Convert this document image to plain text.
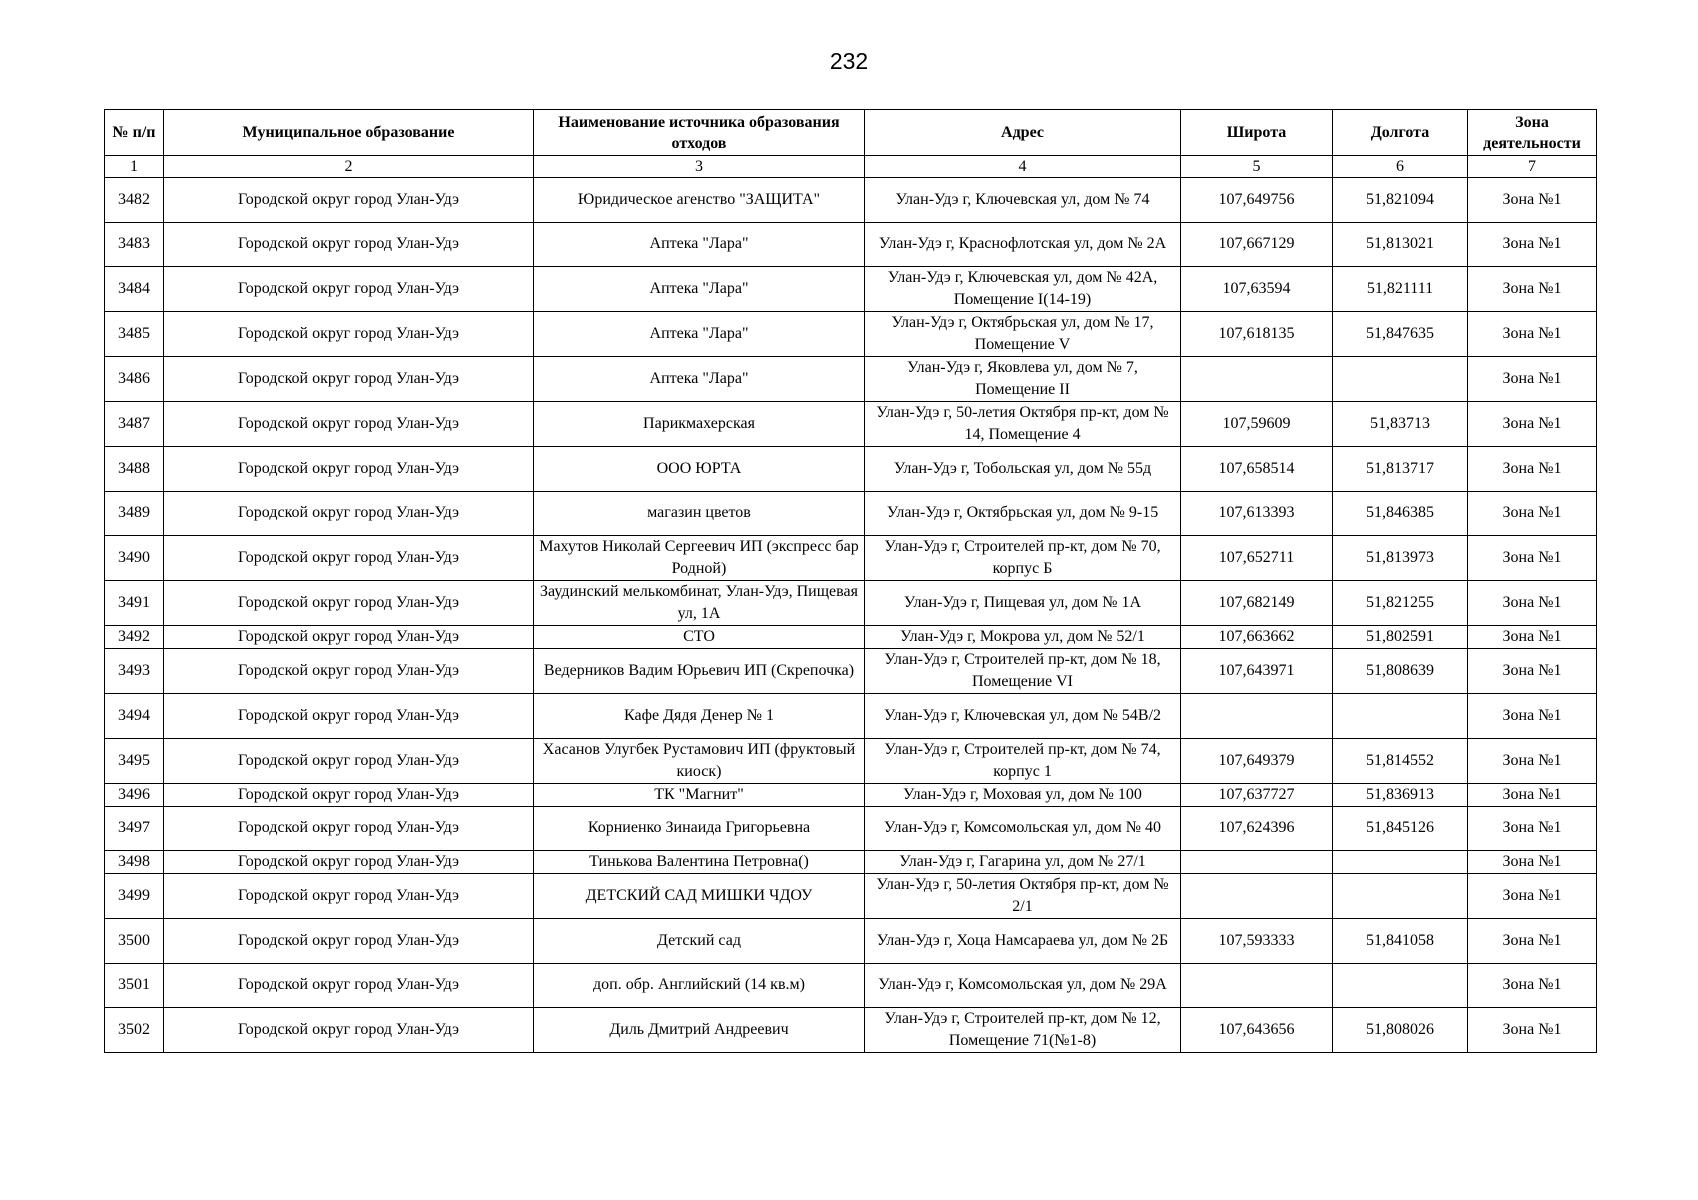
232
№ п/п	Муниципальное образование	Наименование источника образования отходов	Адрес	Широта	Долгота	Зона деятельности
1	2	3	4	5	6	7
3482	Городской округ город Улан-Удэ	Юридическое агенство "ЗАЩИТА"	Улан-Удэ г, Ключевская ул, дом № 74	107,649756	51,821094	Зона №1
3483	Городской округ город Улан-Удэ	Аптека "Лара"	Улан-Удэ г, Краснофлотская ул, дом № 2А	107,667129	51,813021	Зона №1
3484	Городской округ город Улан-Удэ	Аптека "Лара"	Улан-Удэ г, Ключевская ул, дом № 42А, Помещение I(14-19)	107,63594	51,821111	Зона №1
3485	Городской округ город Улан-Удэ	Аптека "Лара"	Улан-Удэ г, Октябрьская ул, дом № 17, Помещение V	107,618135	51,847635	Зона №1
3486	Городской округ город Улан-Удэ	Аптека "Лара"	Улан-Удэ г, Яковлева ул, дом № 7, Помещение II			Зона №1
3487	Городской округ город Улан-Удэ	Парикмахерская	Улан-Удэ г, 50-летия Октября пр-кт, дом № 14, Помещение 4	107,59609	51,83713	Зона №1
3488	Городской округ город Улан-Удэ	ООО ЮРТА	Улан-Удэ г, Тобольская ул, дом № 55д	107,658514	51,813717	Зона №1
3489	Городской округ город Улан-Удэ	магазин цветов	Улан-Удэ г, Октябрьская ул, дом № 9-15	107,613393	51,846385	Зона №1
3490	Городской округ город Улан-Удэ	Махутов Николай Сергеевич ИП (экспресс бар Родной)	Улан-Удэ г, Строителей пр-кт, дом № 70, корпус Б	107,652711	51,813973	Зона №1
3491	Городской округ город Улан-Удэ	Заудинский мелькомбинат, Улан-Удэ, Пищевая ул, 1А	Улан-Удэ г, Пищевая ул, дом № 1А	107,682149	51,821255	Зона №1
3492	Городской округ город Улан-Удэ	СТО	Улан-Удэ г, Мокрова ул, дом № 52/1	107,663662	51,802591	Зона №1
3493	Городской округ город Улан-Удэ	Ведерников Вадим Юрьевич ИП (Скрепочка)	Улан-Удэ г, Строителей пр-кт, дом № 18, Помещение VI	107,643971	51,808639	Зона №1
3494	Городской округ город Улан-Удэ	Кафе Дядя Денер № 1	Улан-Удэ г, Ключевская ул, дом № 54В/2			Зона №1
3495	Городской округ город Улан-Удэ	Хасанов Улугбек Рустамович ИП (фруктовый киоск)	Улан-Удэ г, Строителей пр-кт, дом № 74, корпус 1	107,649379	51,814552	Зона №1
3496	Городской округ город Улан-Удэ	ТК "Магнит"	Улан-Удэ г, Моховая ул, дом № 100	107,637727	51,836913	Зона №1
3497	Городской округ город Улан-Удэ	Корниенко Зинаида Григорьевна	Улан-Удэ г, Комсомольская ул, дом № 40	107,624396	51,845126	Зона №1
3498	Городской округ город Улан-Удэ	Тинькова Валентина Петровна()	Улан-Удэ г, Гагарина ул, дом № 27/1			Зона №1
3499	Городской округ город Улан-Удэ	ДЕТСКИЙ САД МИШКИ ЧДОУ	Улан-Удэ г, 50-летия Октября пр-кт, дом № 2/1			Зона №1
3500	Городской округ город Улан-Удэ	Детский сад	Улан-Удэ г, Хоца Намсараева ул, дом № 2Б	107,593333	51,841058	Зона №1
3501	Городской округ город Улан-Удэ	доп. обр. Английский (14 кв.м)	Улан-Удэ г, Комсомольская ул, дом № 29А			Зона №1
3502	Городской округ город Улан-Удэ	Диль Дмитрий Андреевич	Улан-Удэ г, Строителей пр-кт, дом № 12, Помещение 71(№1-8)	107,643656	51,808026	Зона №1
